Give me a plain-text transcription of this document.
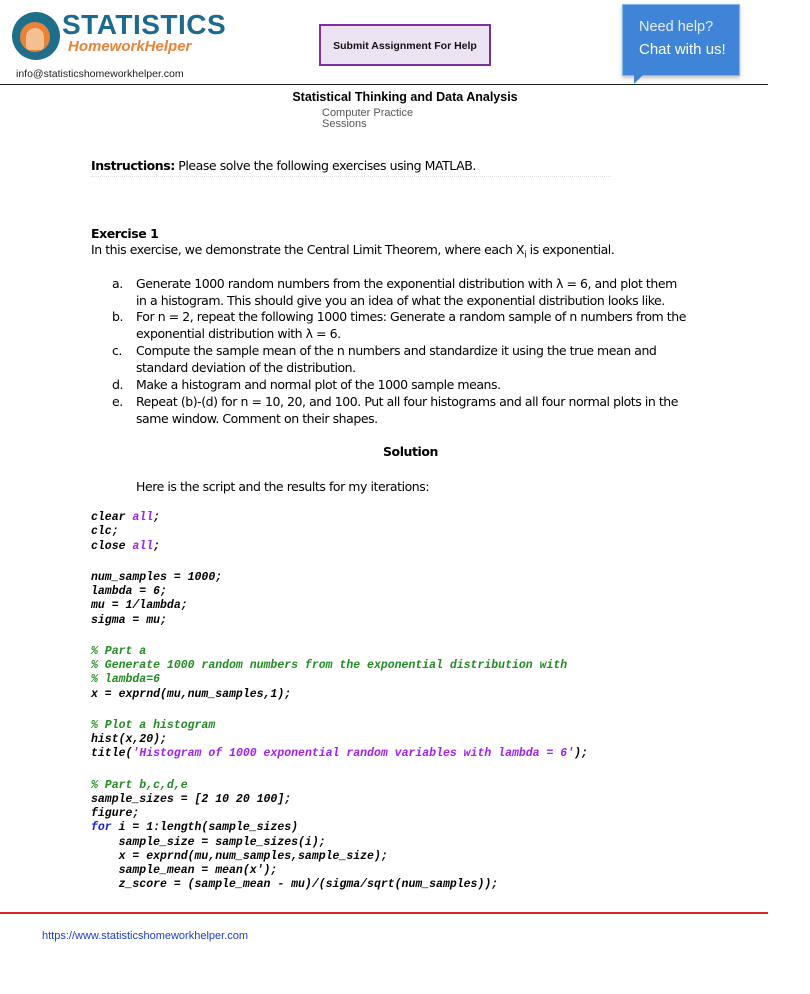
STATISTICS
HomeworkHelper
info@statisticshomeworkhelper.com
Submit Assignment For Help
Need help?
Chat with us!
Statistical Thinking and Data Analysis
Computer Practice Sessions
Instructions: Please solve the following exercises using MATLAB.
Exercise 1
In this exercise, we demonstrate the Central Limit Theorem, where each $X_i$ is exponential.
a. Generate 1000 random numbers from the exponential distribution with λ = 6, and plot them in a histogram. This should give you an idea of what the exponential distribution looks like.
b. For n = 2, repeat the following 1000 times: Generate a random sample of n numbers from the exponential distribution with λ = 6.
c. Compute the sample mean of the n numbers and standardize it using the true mean and standard deviation of the distribution.
d. Make a histogram and normal plot of the 1000 sample means.
e. Repeat (b)-(d) for n = 10, 20, and 100. Put all four histograms and all four normal plots in the same window. Comment on their shapes.
Solution
Here is the script and the results for my iterations:
clear all;
clc;
close all;
num_samples = 1000;
lambda = 6;
mu = 1/lambda;
sigma = mu;
% Part a
% Generate 1000 random numbers from the exponential distribution with
% lambda=6
x = exprnd(mu,num_samples,1);
% Plot a histogram
hist(x,20);
title('Histogram of 1000 exponential random variables with lambda = 6');
% Part b,c,d,e
sample_sizes = [2 10 20 100];
figure;
for i = 1:length(sample_sizes)
sample_size = sample_sizes(i);
x = exprnd(mu,num_samples,sample_size);
sample_mean = mean(x');
z_score = (sample_mean - mu)/(sigma/sqrt(num_samples));
https://www.statisticshomeworkhelper.com
